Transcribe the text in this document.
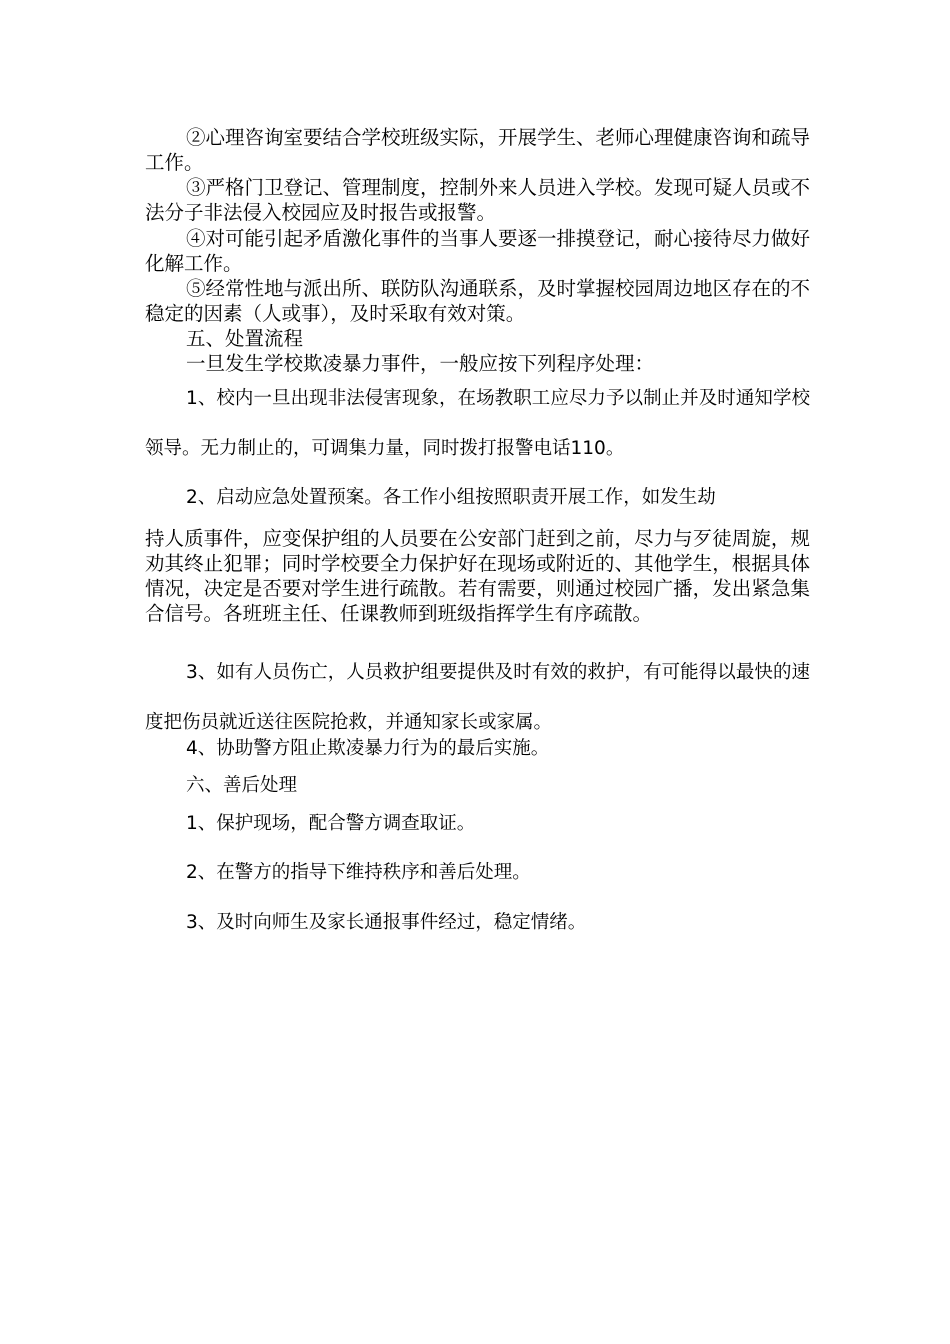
②心理咨询室要结合学校班级实际，开展学生、老师心理健康咨询和疏导工作。

③严格门卫登记、管理制度，控制外来人员进入学校。发现可疑人员或不法分子非法侵入校园应及时报告或报警。

④对可能引起矛盾激化事件的当事人要逐一排摸登记，耐心接待尽力做好化解工作。

⑤经常性地与派出所、联防队沟通联系，及时掌握校园周边地区存在的不稳定的因素（人或事），及时采取有效对策。

五、处置流程

一旦发生学校欺凌暴力事件，一般应按下列程序处理：

1、校内一旦出现非法侵害现象，在场教职工应尽力予以制止并及时通知学校领导。无力制止的，可调集力量，同时拨打报警电话110。

2、启动应急处置预案。各工作小组按照职责开展工作，如发生劫

持人质事件，应变保护组的人员要在公安部门赶到之前，尽力与歹徒周旋，规劝其终止犯罪；同时学校要全力保护好在现场或附近的、其他学生，根据具体情况，决定是否要对学生进行疏散。若有需要，则通过校园广播，发出紧急集合信号。各班班主任、任课教师到班级指挥学生有序疏散。

3、如有人员伤亡，人员救护组要提供及时有效的救护，有可能得以最快的速度把伤员就近送往医院抢救，并通知家长或家属。

4、协助警方阻止欺凌暴力行为的最后实施。

六、善后处理

1、保护现场，配合警方调查取证。

2、在警方的指导下维持秩序和善后处理。

3、及时向师生及家长通报事件经过，稳定情绪。
